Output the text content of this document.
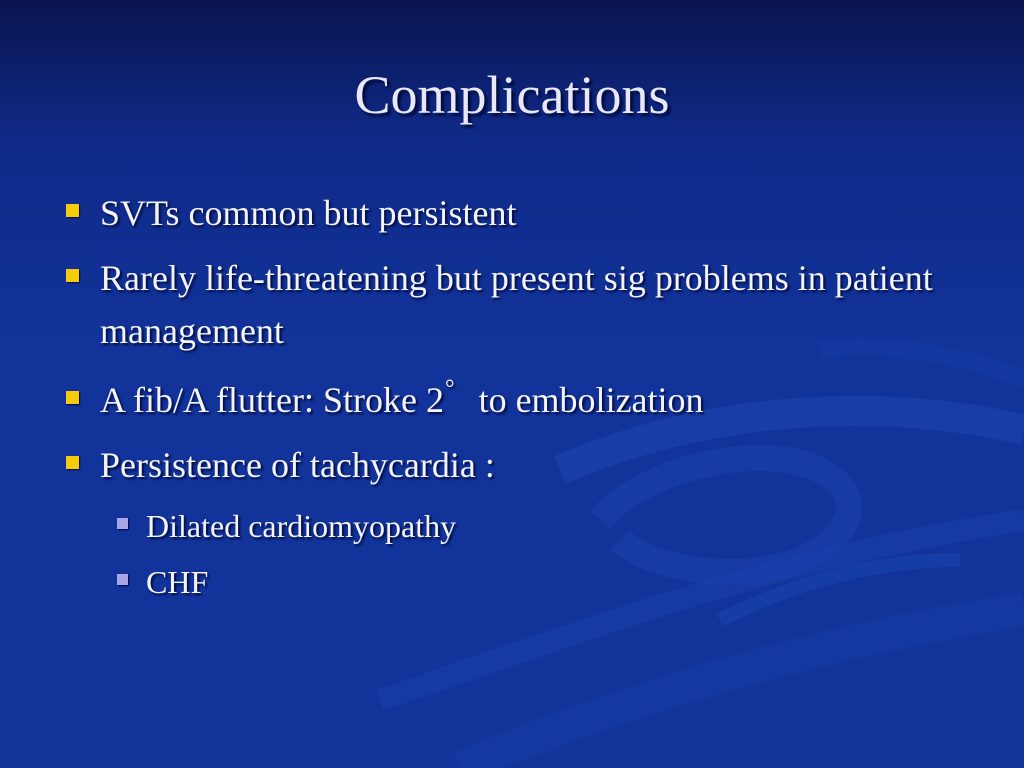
Complications
SVTs common but persistent
Rarely life-threatening but present sig problems in patient management
A fib/A flutter: Stroke 2° to embolization
Persistence of tachycardia :
Dilated cardiomyopathy
CHF
